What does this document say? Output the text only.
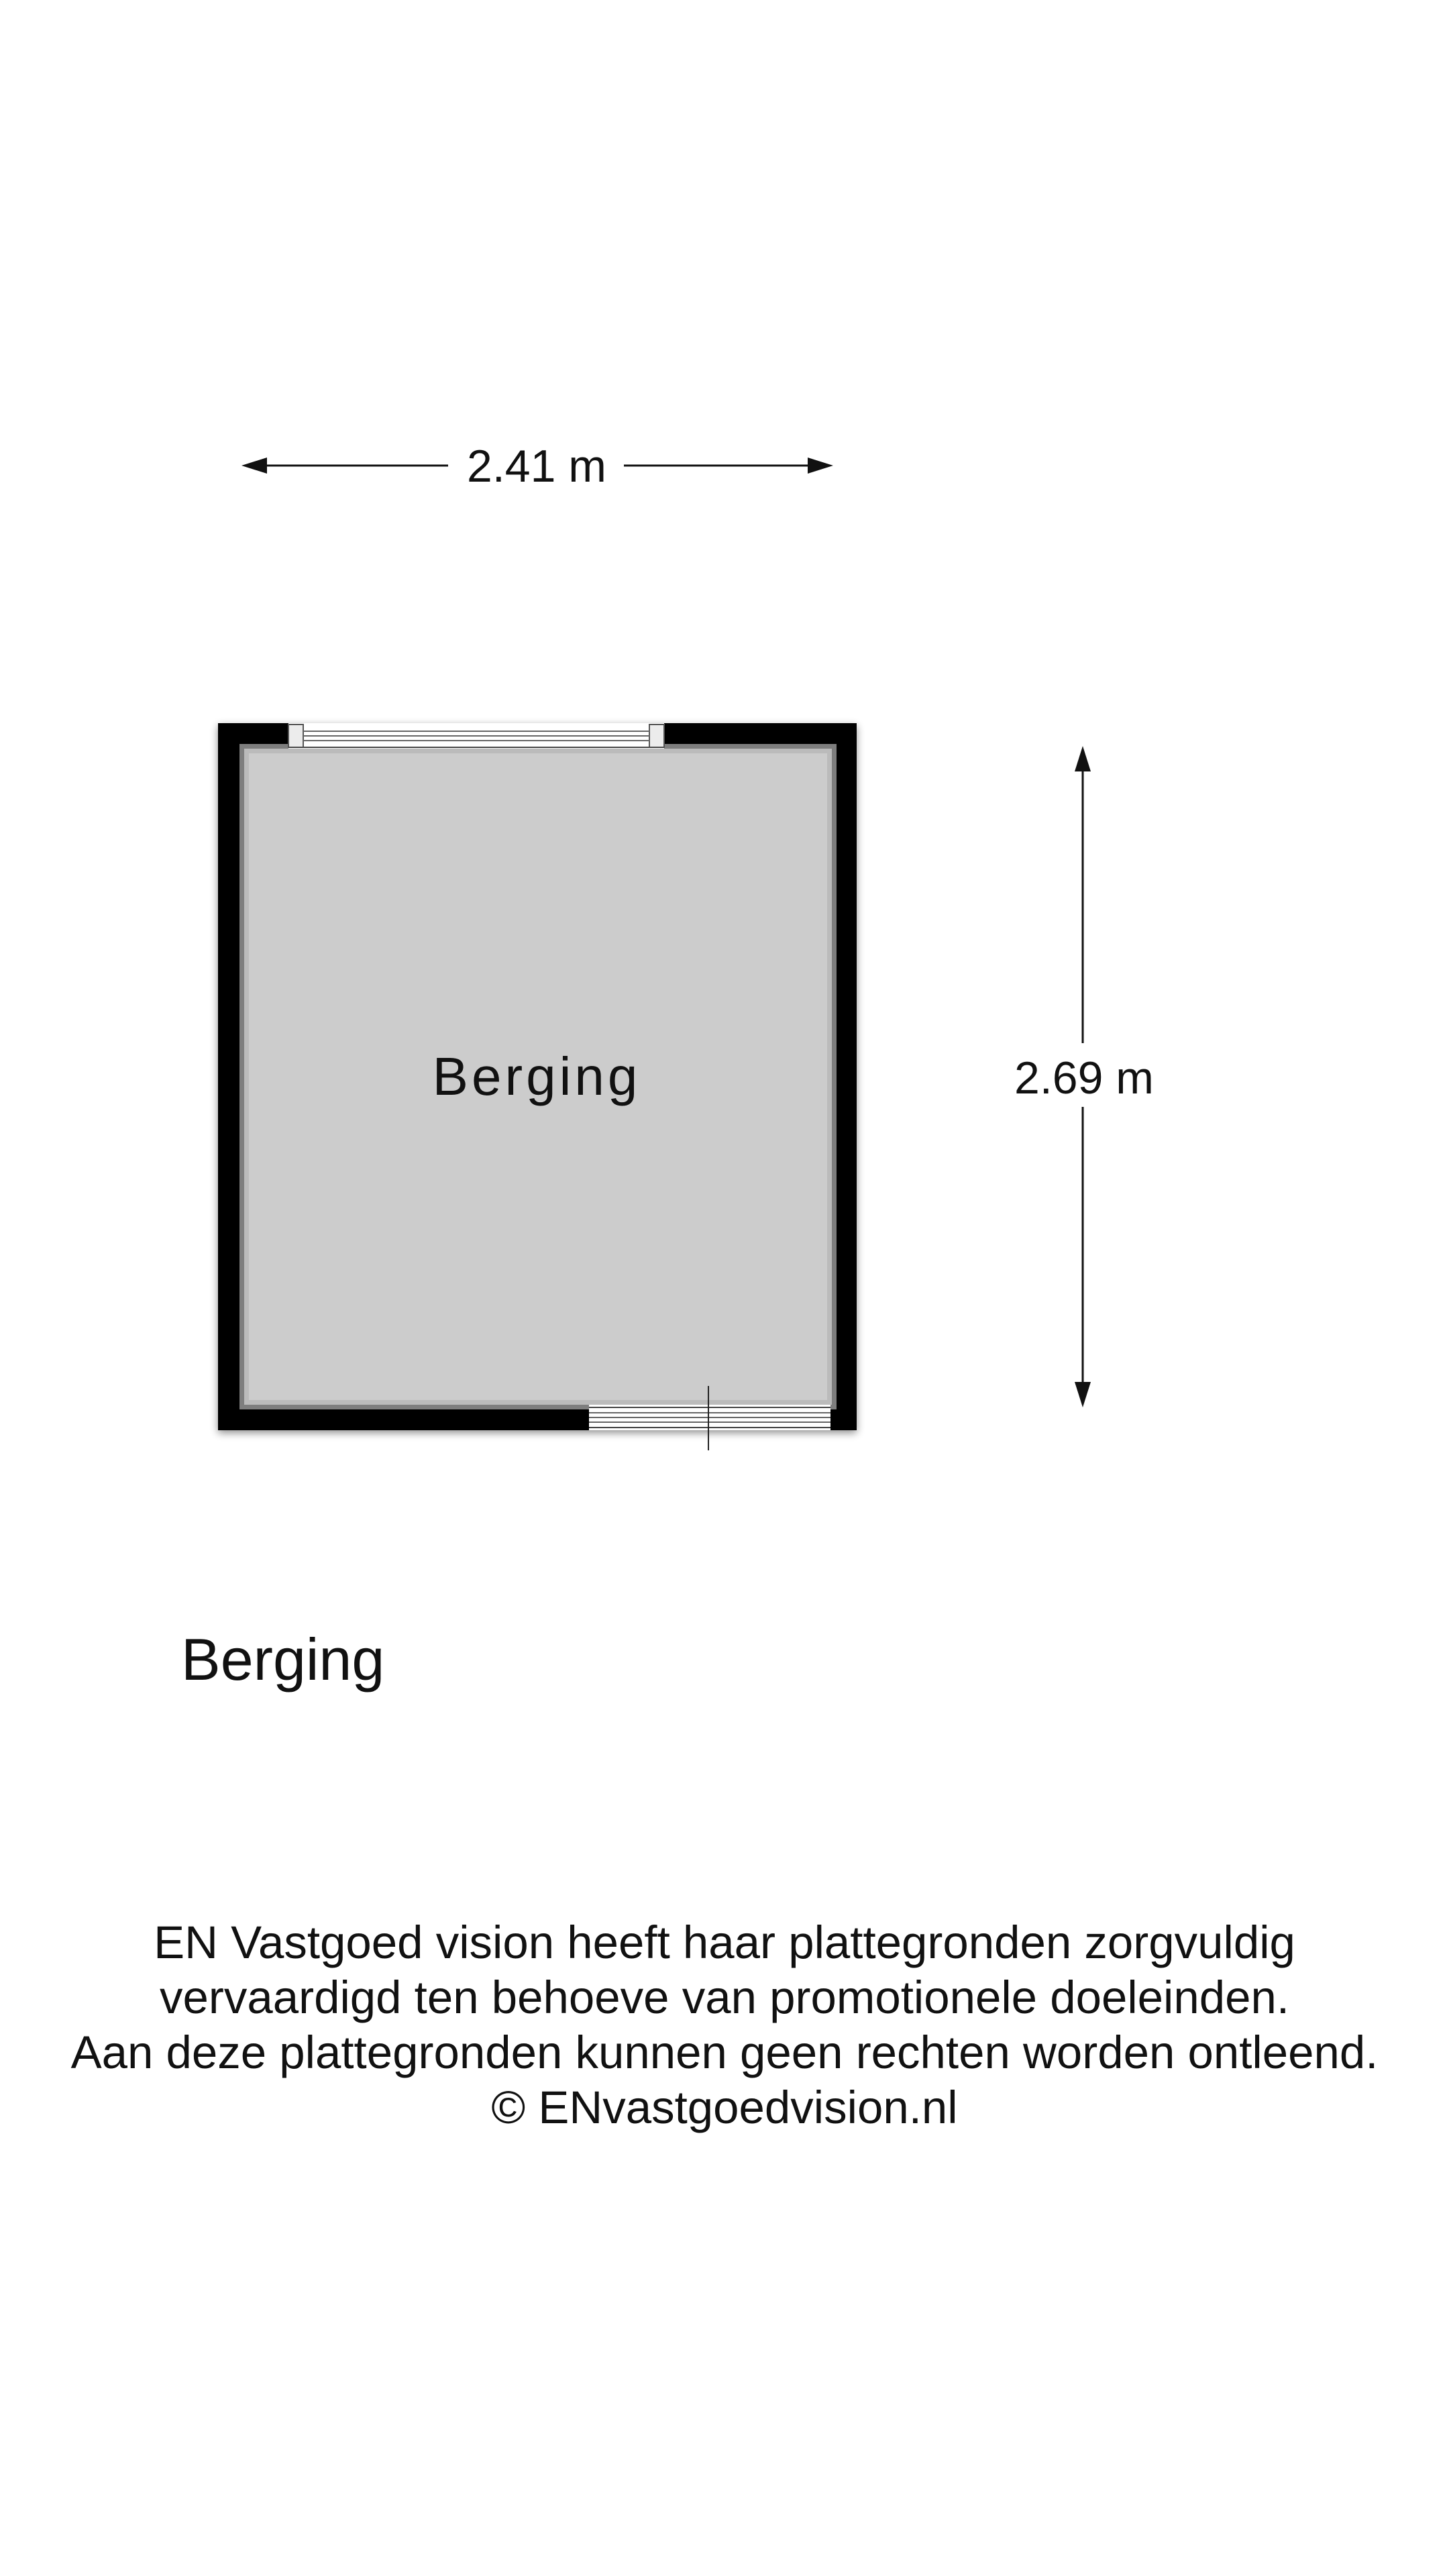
2.41 m
2.69 m
Berging
Berging
EN Vastgoed vision heeft haar plattegronden zorgvuldig
vervaardigd ten behoeve van promotionele doeleinden.
Aan deze plattegronden kunnen geen rechten worden ontleend.
© ENvastgoedvision.nl
